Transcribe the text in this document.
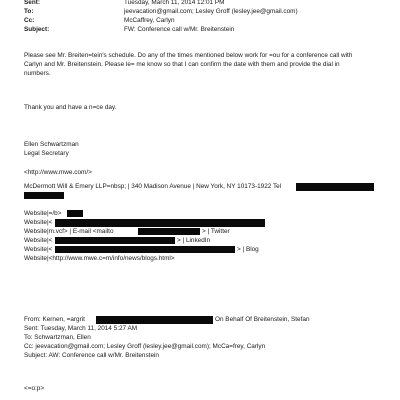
Sent:	Tuesday, March 11, 2014 12:01 PM
To:	jeevacation@gmail.com; Lesley Groff (lesley.jee@gmail.com)
Cc:	McCaffrey, Carlyn
Subject:	FW: Conference call w/Mr. Breitenstein
Please see Mr. Breiten=tein's schedule. Do any of the times mentioned below work for =ou for a conference call with
Carlyn and Mr. Breitenstein. Please le= me know so that I can confirm the date with them and provide the dial in
numbers.
Thank you and have a n=ce day.
Ellen Schwartzman
Legal Secretary
<http://www.mwe.com/>
McDermott Will & Emery LLP=nbsp; | 340 Madison Avenue | New York, NY 10173-1922 Tel
Website|=/b>
Website|<
Website|m.vcf> | E-mail <mailto	> | Twitter
Website|<	> | LinkedIn
Website|<	> | Blog
Website|<http://www.mwe.c=m/info/news/blogs.html>
From: Kernen, =argrit	On Behalf Of Breitenstein, Stefan
Sent: Tuesday, March 11, 2014 5:27 AM
To: Schwartzman, Ellen
Cc: jeevacation@gmail.com; Lesley Groff (lesley.jee@gmail.com); McCa=frey, Carlyn
Subject: AW: Conference call w/Mr. Breitenstein
<=o:p>
